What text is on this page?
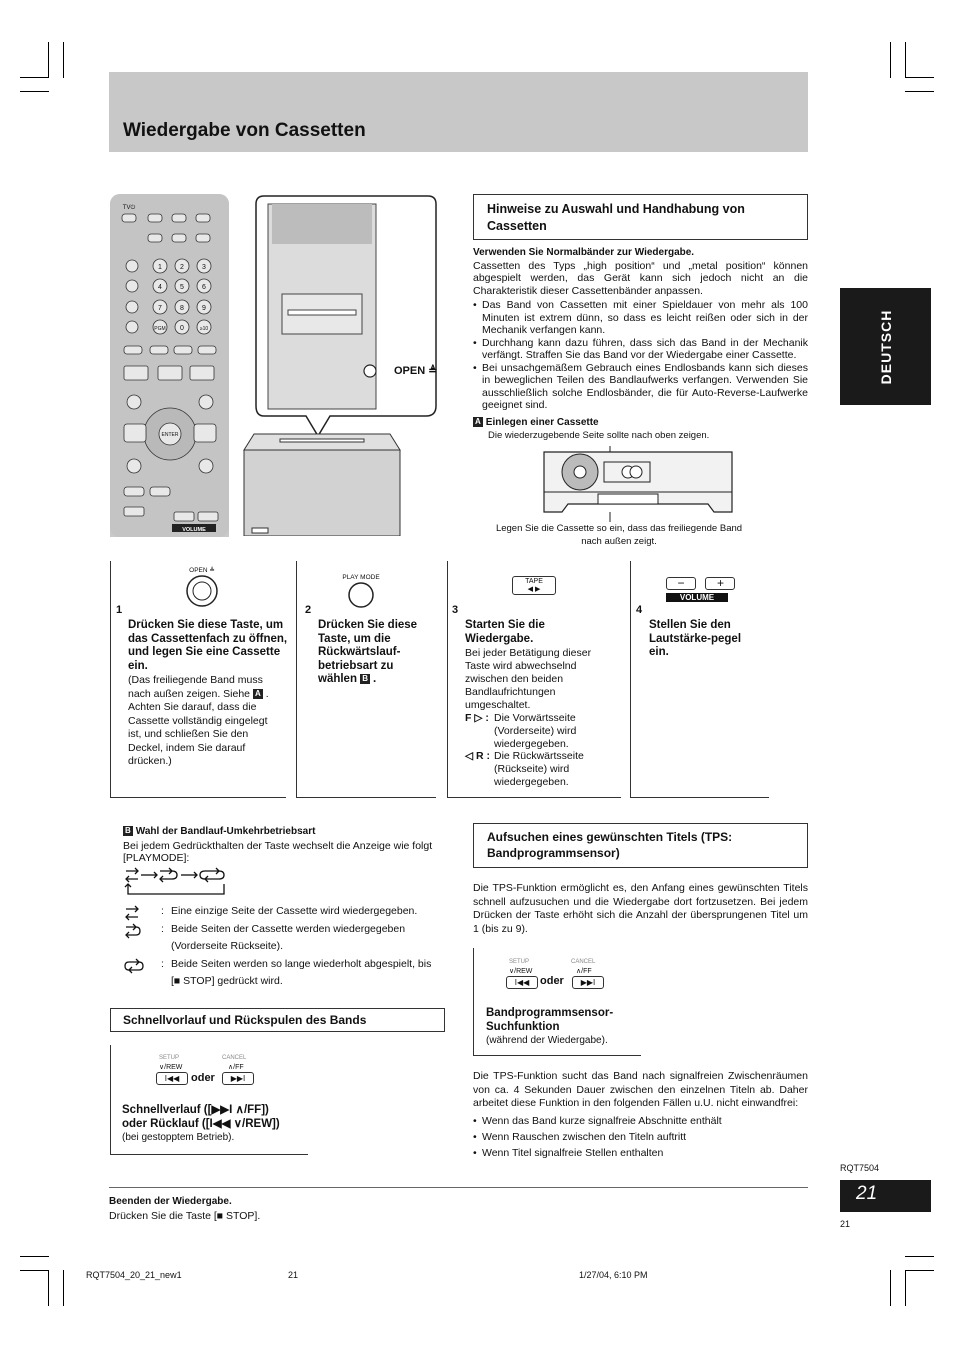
Wiedergabe von Cassetten
DEUTSCH
VOLUME
1	2	3
4	5	6
7	8	9
PGM 0	≥10
ENTER
TV⏻
OPEN ≜
Hinweise zu Auswahl und Handhabung von Cassetten
Verwenden Sie Normalbänder zur Wiedergabe.
Cassetten des Typs „high position“ und „metal position“ können abgespielt werden, das Gerät kann sich jedoch nicht an die Charakteristik dieser Cassettenbänder anpassen.
• Das Band von Cassetten mit einer Spieldauer von mehr als 100 Minuten ist extrem dünn, so dass es leicht reißen oder sich in der Mechanik verfangen kann.
• Durchhang kann dazu führen, dass sich das Band in der Mechanik verfängt. Straffen Sie das Band vor der Wiedergabe einer Cassette.
• Bei unsachgemäßem Gebrauch eines Endlosbands kann sich dieses in beweglichen Teilen des Bandlaufwerks verfangen. Verwenden Sie ausschließlich solche Endlosbänder, die für Auto-Reverse-Laufwerke geeignet sind.
A Einlegen einer Cassette
Die wiederzugebende Seite sollte nach oben zeigen.
Legen Sie die Cassette so ein, dass das freiliegende Band nach außen zeigt.
OPEN ≜
1
Drücken Sie diese Taste, um das Cassettenfach zu öffnen, und legen Sie eine Cassette ein.
(Das freiliegende Band muss nach außen zeigen. Siehe A . Achten Sie darauf, dass die Cassette vollständig eingelegt ist, und schließen Sie den Deckel, indem Sie darauf drücken.)
PLAY MODE
2
Drücken Sie diese Taste, um die Rückwärtslauf-betriebsart zu wählen B .
TAPE
◀ ▶
3
Starten Sie die Wiedergabe.
Bei jeder Betätigung dieser Taste wird abwechselnd zwischen den beiden Bandlaufrichtungen umgeschaltet.
F ▷ : Die Vorwärtsseite (Vorderseite) wird wiedergegeben.
◁ R : Die Rückwärtsseite (Rückseite) wird wiedergegeben.
−	+
VOLUME
4
Stellen Sie den Lautstärke-pegel ein.
B Wahl der Bandlauf-Umkehrbetriebsart
Bei jedem Gedrückthalten der Taste wechselt die Anzeige wie folgt [PLAYMODE]:
: Eine einzige Seite der Cassette wird wiedergegeben.
: Beide Seiten der Cassette werden wiedergegeben (Vorderseite Rückseite).
: Beide Seiten werden so lange wiederholt abgespielt, bis [■ STOP] gedrückt wird.
Schnellvorlauf und Rückspulen des Bands
SETUP
∨/REW
I◀◀	oder
CANCEL
∧/FF
▶▶I
Schnellverlauf ([▶▶I ∧/FF])
oder Rücklauf ([I◀◀ ∨/REW])
(bei gestopptem Betrieb).
Aufsuchen eines gewünschten Titels (TPS: Bandprogrammsensor)
Die TPS-Funktion ermöglicht es, den Anfang eines gewünschten Titels schnell aufzusuchen und die Wiedergabe dort fortzusetzen. Bei jedem Drücken der Taste erhöht sich die Anzahl der übersprungenen Titel um 1 (bis zu 9).
SETUP
∨/REW
I◀◀ oder
CANCEL
∧/FF
▶▶I
Bandprogrammsensor-Suchfunktion
(während der Wiedergabe).
Die TPS-Funktion sucht das Band nach signalfreien Zwischenräumen von ca. 4 Sekunden Dauer zwischen den einzelnen Titeln ab. Daher arbeitet diese Funktion in den folgenden Fällen u.U. nicht einwandfrei:
• Wenn das Band kurze signalfreie Abschnitte enthält
• Wenn Rauschen zwischen den Titeln auftritt
• Wenn Titel signalfreie Stellen enthalten
RQT7504
21
21
Beenden der Wiedergabe.
Drücken Sie die Taste [■ STOP].
RQT7504_20_21_new1	21	1/27/04, 6:10 PM
